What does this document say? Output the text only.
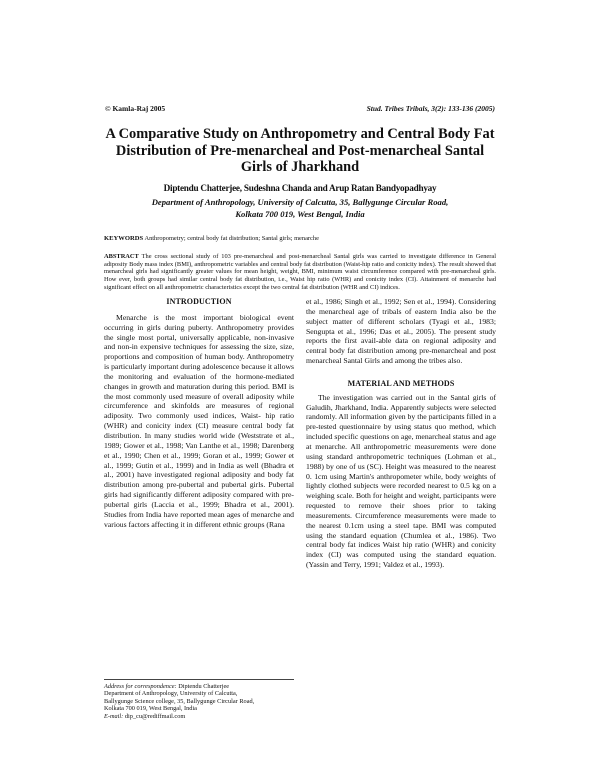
© Kamla-Raj 2005	Stud. Tribes Tribals, 3(2): 133-136 (2005)
A Comparative Study on Anthropometry and Central Body Fat
Distribution of Pre-menarcheal and Post-menarcheal Santal
Girls of Jharkhand
Diptendu Chatterjee, Sudeshna Chanda and Arup Ratan Bandyopadhyay
Department of Anthropology, University of Calcutta, 35, Ballygunge Circular Road,
Kolkata 700 019, West Bengal, India
KEYWORDS Anthropometry; central body fat distribution; Santal girls; menarche
ABSTRACT The cross sectional study of 103 pre-menarcheal and post-menarcheal Santal girls was carried to investigate difference in General adiposity Body mass index (BMI), anthropometric variables and central body fat distribution (Waist-hip ratio and conicity index). The result showed that menarcheal girls had significantly greater values for mean height, weight, BMI, minimum waist circumference compared with pre-menarcheal girls. How ever, both groups had similar central body fat distribution, i.e., Waist hip ratio (WHR) and conicity index (CI). Attainment of menarche had significant effect on all anthropometric characteristics except the two central fat distribution (WHR and CI) indices.

INTRODUCTION

Menarche is the most important biological event occurring in girls during puberty. Anthropometry provides the single most portal, universally applicable, non-invasive and non-in expensive techniques for assessing the size, size, proportions and composition of human body. Anthropometry is particularly important during adolescence because it allows the monitoring and evaluation of the hormone-mediated changes in growth and maturation during this period. BMI is the most commonly used measure of overall adiposity while circumference and skinfolds are measures of regional adiposity. Two commonly used indices, Waist- hip ratio (WHR) and conicity index (CI) measure central body fat distribution. In many studies world wide (Weststrate et al., 1989; Gower et al., 1998; Van Lanthe et al., 1998; Darenberg et al., 1990; Chen et al., 1999; Goran et al., 1999; Gower et al., 1999; Gutin et al., 1999) and in India as well (Bhadra et al., 2001) have investigated regional adiposity and body fat distribution among pre-pubertal and pubertal girls. Pubertal girls had significantly different adiposity compared with pre-pubertal girls (Laccia et al., 1999; Bhadra et al., 2001). Studies from India have reported mean ages of menarche and various factors affecting it in different ethnic groups (Rana

et al., 1986; Singh et al., 1992; Sen et al., 1994). Considering the menarcheal age of tribals of eastern India also be the subject matter of different scholars (Tyagi et al., 1983; Sengupta et al., 1996; Das et al., 2005). The present study reports the first avail-able data on regional adiposity and central body fat distribution among pre-menarcheal and post menarcheal Santal Girls and among the tribes also.

MATERIAL AND METHODS

The investigation was carried out in the Santal girls of Galudih, Jharkhand, India. Apparently subjects were selected randomly. All information given by the participants filled in a pre-tested questionnaire by using status quo method, which included specific questions on age, menarcheal status and age at menarche. All anthropometric measurements were done using standard anthropometric techniques (Lohman et al., 1988) by one of us (SC). Height was measured to the nearest 0. 1cm using Martin's anthropometer while, body weights of lightly clothed subjects were recorded nearest to 0.5 kg on a weighing scale. Both for height and weight, participants were requested to remove their shoes prior to taking measurements. Circumference measurements were made to the nearest 0.1cm using a steel tape. BMI was computed using the standard equation (Chumlea et al., 1986). Two central body fat indices Waist hip ratio (WHR) and conicity index (CI) was computed using the standard equation. (Yassin and Terry, 1991; Valdez et al., 1993).

Address for correspondence: Diptendu Chatterjee
Department of Anthropology, University of Calcutta,
Ballygunge Science college, 35, Ballygunge Circular Road,
Kolkata 700 019, West Bengal, India
E-mail: dip_cu@rediffmail.com
